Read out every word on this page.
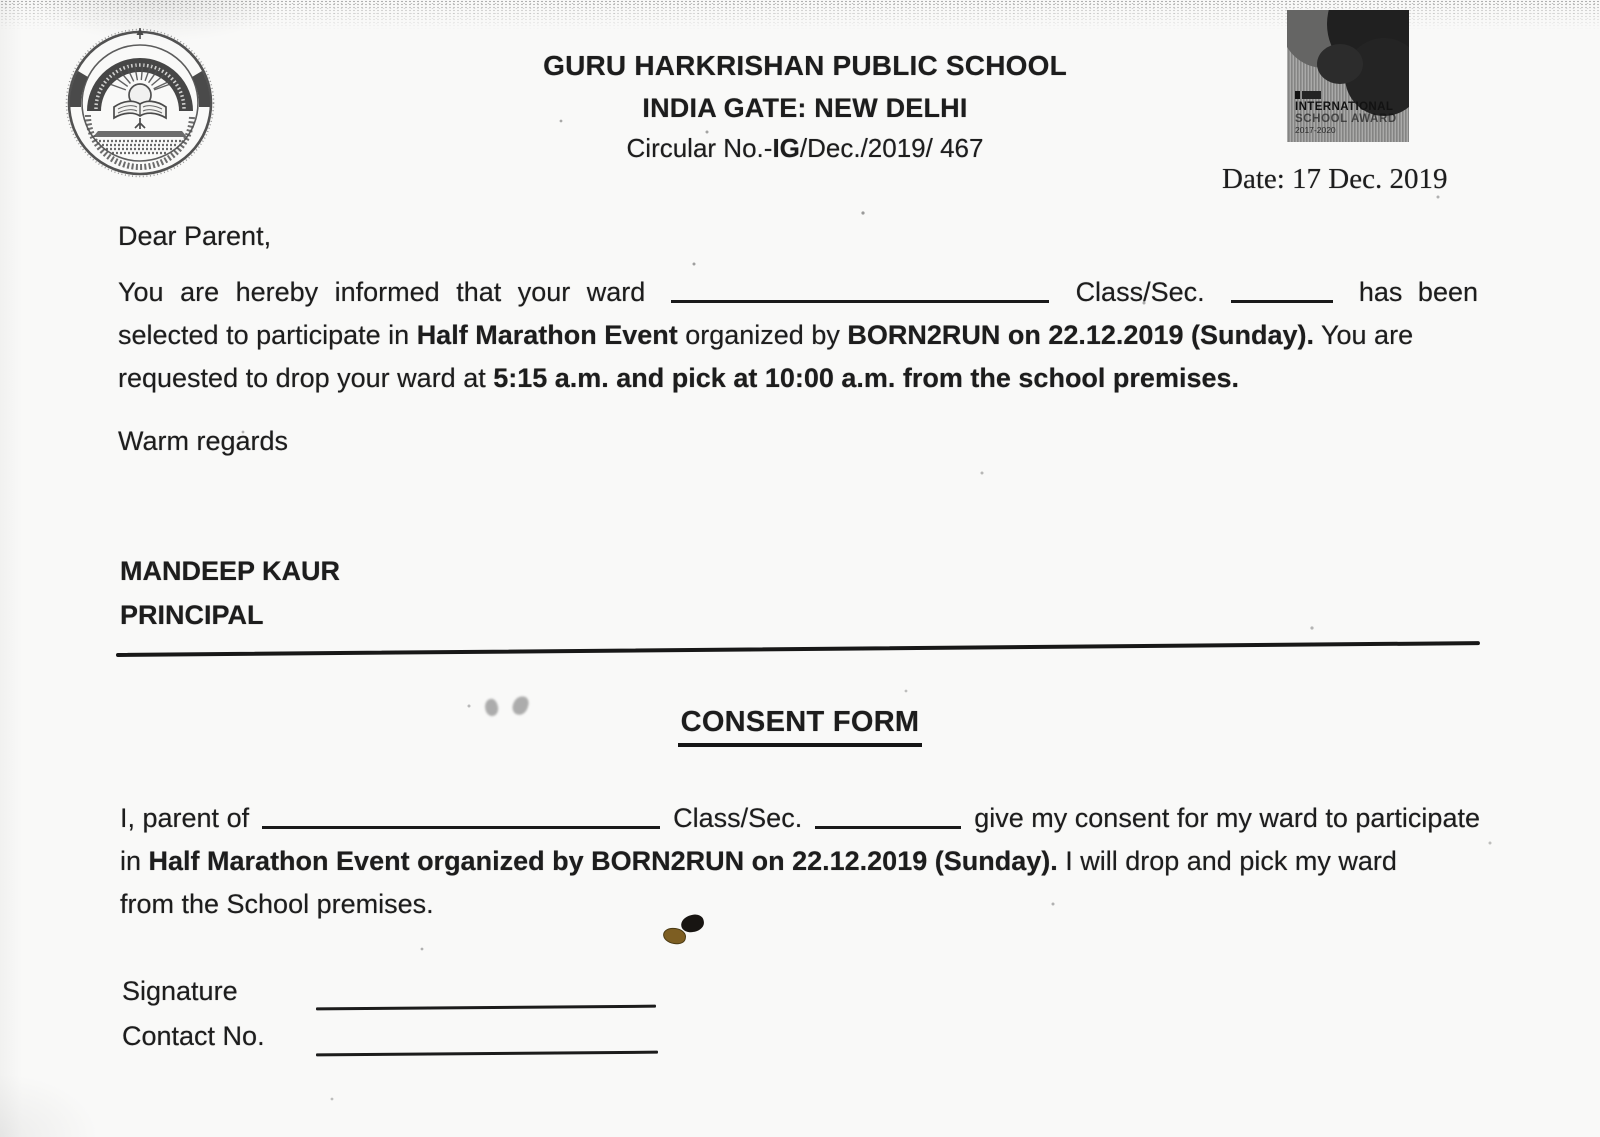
GURU HARKRISHAN PUBLIC SCHOOL
INDIA GATE: NEW DELHI
Circular No.-IG/Dec./2019/ 467
INTERNATIONAL
SCHOOL AWARD
2017-2020
Date: 17 Dec. 2019
Dear Parent,
You are hereby informed that your ward	Class/Sec.	has been
selected to participate in Half Marathon Event organized by BORN2RUN on 22.12.2019 (Sunday). You are
requested to drop your ward at 5:15 a.m. and pick at 10:00 a.m. from the school premises.
Warm regards
MANDEEP KAUR
PRINCIPAL
CONSENT FORM
I, parent of	Class/Sec.	give my consent for my ward to participate
in Half Marathon Event organized by BORN2RUN on 22.12.2019 (Sunday). I will drop and pick my ward
from the School premises.
Signature
Contact No.
